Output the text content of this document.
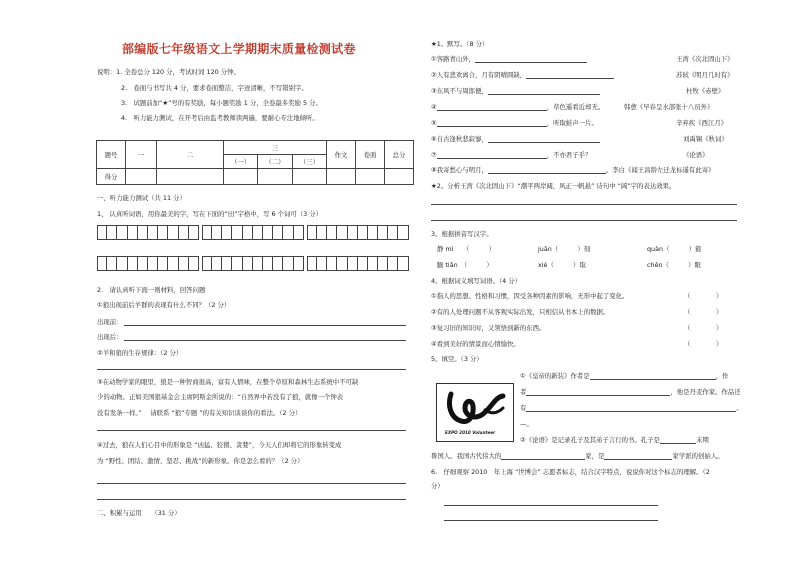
部编版七年级语文上学期期末质量检测试卷
说明：1. 全卷总分 120 分，考试时间 120 分钟。
2.　卷面与书写共 4 分，要求卷面整洁，字迹清晰，不写错别字。
3.　试题前加“★”号的有奖励，每小题奖励 1 分，全卷最多奖励 5 分。
4.　听力能力测试，在开考后由监考教师读两遍，要耐心专注地倾听。
题号	一	二	三			作文	卷面	总分
			（一）	（二）	（三）			
得分								
一、听力能力测试（共 11 分）
1、 认真听词语，用你最美的字，写在下面的“田”字格中，写 6 个词可（3 分）
2.　请认真听下面一则材料，回答问题
①狼出现前后羊群的表现有什么不同？（2 分）
出现前：
出现后：
②羊和狼的生存规律：（2 分）
③在动物学家的眼里，狼是一种智商很高，富有人情味，在整个草原和森林生态系统中不可缺
少的动物。正如美国狼基金会主席阿斯金所说的：“自然界中若没有了狼，就像一个钟表
没有发条一样。” 　请联系 “狼”专题 ”的有关知识谈谈你的看法。（2 分）
④过去，狼在人们心目中的形象是 “凶猛、狡猾、贪婪”，今天人们却将它的形象转变成
为 “野性、团结、激情、坚忍、挑战”的新形象。你是怎么看的？（2 分）
二、积累与运用　　（31 分）
★1。默写。（8 分）
①客路青山外，	王湾《次北固山下》
②人有悲欢离合，月有阴晴圆缺，	苏轼《明月几时有》
③东风不与周郎便，	杜牧《赤壁》
④	，草色遥看近却无。	韩愈《早春呈水部张十八员外》
⑤	，听取蛙声一片。	辛弃疾《西江月》
⑥自古逢秋悲寂寥，	刘禹锡《秋词》
⑦	，不亦君子乎？	《论语》
⑧我寄愁心与明月，	。李白《闻王昌龄左迁龙标遥有此寄》
★2。分析王湾《次北固山下》“潮平两岸阔，风正一帆悬” 诗句中 “阔”字的表达效果。
3。根据拼音写汉字。
静 mì　　（　　　）	juān（　　　）刻	quàn（　　　）箍
腼 tiǎn　（　　　）	xiè（　　　）取	chēn（　　　）眼
4。根据词义填写词语。（4 分）
①指人的思想、性格和习惯，因受各种因素的影响，无形中起了变化。	（　　　　）
②有的人处理问题不从客观实际出发，只相信从书本上的数据。	（　　　　）
③复习旧的知识时，又领悟到新的东西。	（　　　　）
④看到美好的情景而心情愉快。	（　　　　）
5。填空。（3 分）
EXPO 2010 Volunteer
①《皇帝的新装》作者是	，作
者	，他是丹麦作家。作品还
有	。
—。
②《论语》是记录孔子及其弟子言行的书。孔子是	末期
鲁国人。我国古代伟大的	家，是	家学派的创始人。
6.　仔细观察 2010　年上海 “世博会” 志愿者标志，结合汉字特点，说说你对这个标志的理解。（2
分）
